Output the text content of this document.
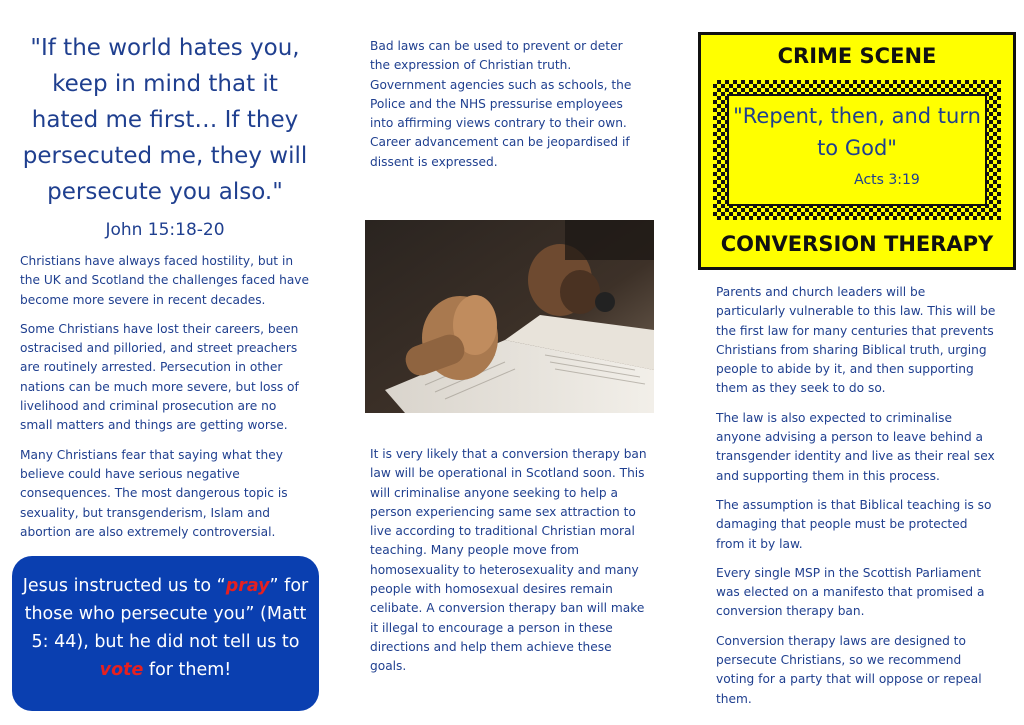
"If the world hates you, keep in mind that it hated me first… If they persecuted me, they will persecute you also."
John 15:18-20

Christians have always faced hostility, but in the UK and Scotland the challenges faced have become more severe in recent decades.

Some Christians have lost their careers, been ostracised and pilloried, and street preachers are routinely arrested. Persecution in other nations can be much more severe, but loss of livelihood and criminal prosecution are no small matters and things are getting worse.

Many Christians fear that saying what they believe could have serious negative consequences. The most dangerous topic is sexuality, but transgenderism, Islam and abortion are also extremely controversial.

Jesus instructed us to “pray” for those who persecute you” (Matt 5: 44), but he did not tell us to vote for them!

Bad laws can be used to prevent or deter the expression of Christian truth. Government agencies such as schools, the Police and the NHS pressurise employees into affirming views contrary to their own. Career advancement can be jeopardised if dissent is expressed.

It is very likely that a conversion therapy ban law will be operational in Scotland soon. This will criminalise anyone seeking to help a person experiencing same sex attraction to live according to traditional Christian moral teaching. Many people move from homosexuality to heterosexuality and many people with homosexual desires remain celibate. A conversion therapy ban will make it illegal to encourage a person in these directions and help them achieve these goals.

CRIME SCENE
"Repent, then, and turn to God"
Acts 3:19
CONVERSION THERAPY

Parents and church leaders will be particularly vulnerable to this law. This will be the first law for many centuries that prevents Christians from sharing Biblical truth, urging people to abide by it, and then supporting them as they seek to do so.

The law is also expected to criminalise anyone advising a person to leave behind a transgender identity and live as their real sex and supporting them in this process.

The assumption is that Biblical teaching is so damaging that people must be protected from it by law.

Every single MSP in the Scottish Parliament was elected on a manifesto that promised a conversion therapy ban.

Conversion therapy laws are designed to persecute Christians, so we recommend voting for a party that will oppose or repeal them.
